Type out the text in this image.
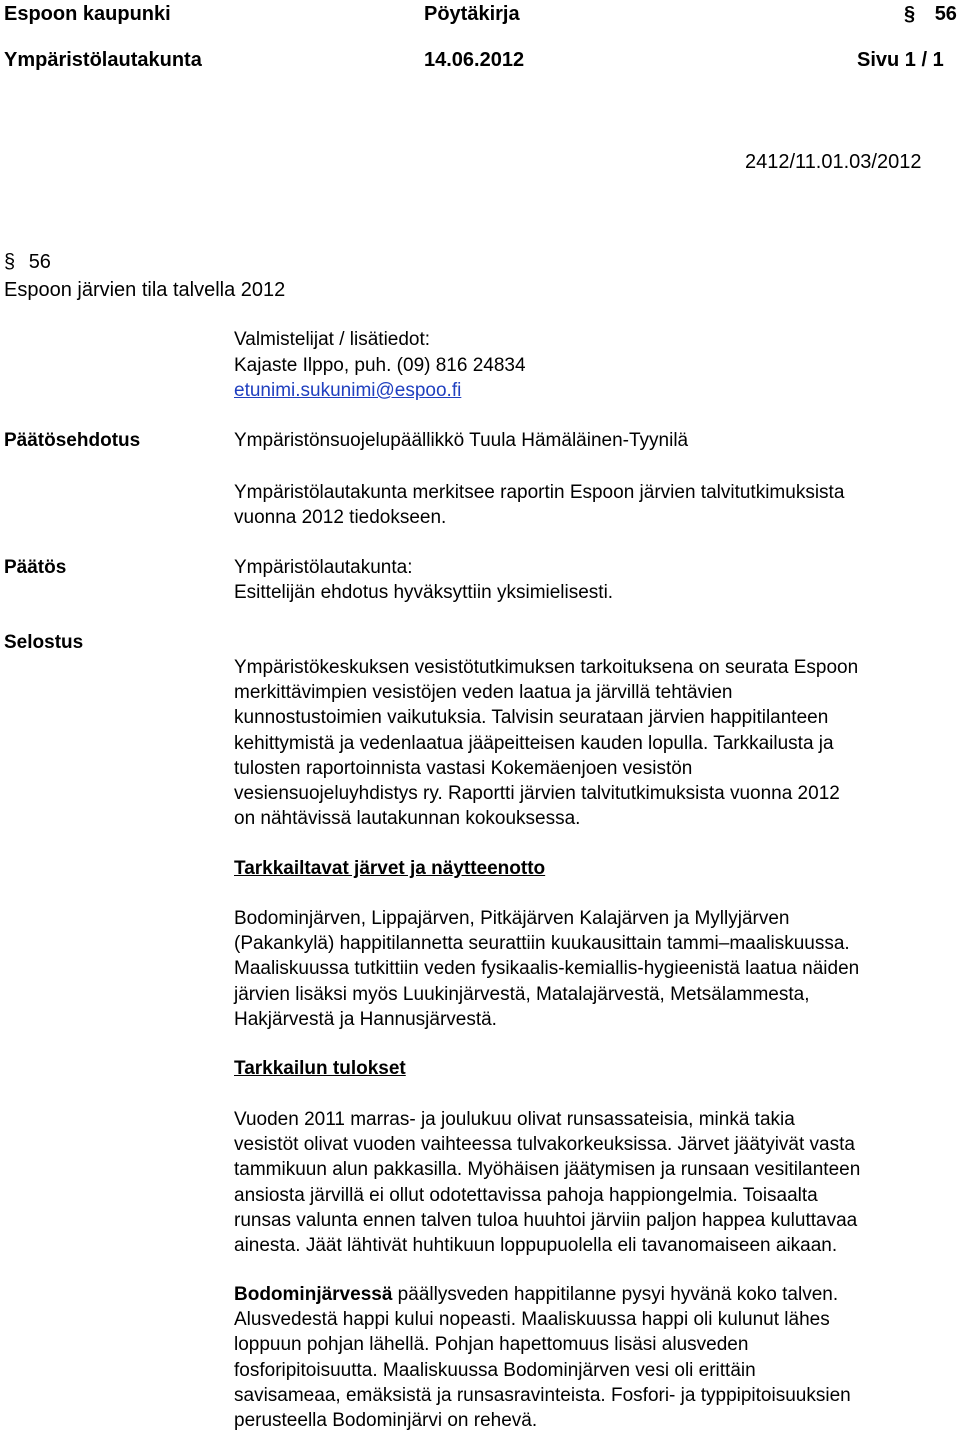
Espoon kaupunki	Pöytäkirja	§ 56
Ympäristölautakunta	14.06.2012	Sivu 1 / 1
2412/11.01.03/2012
§ 56
Espoon järvien tila talvella 2012
Valmistelijat / lisätiedot:
Kajaste Ilppo, puh. (09) 816 24834
etunimi.sukunimi@espoo.fi
Päätösehdotus	Ympäristönsuojelupäällikkö Tuula Hämäläinen-Tyynilä
Ympäristölautakunta merkitsee raportin Espoon järvien talvitutkimuksista
vuonna 2012 tiedokseen.
Päätös	Ympäristölautakunta:
Esittelijän ehdotus hyväksyttiin yksimielisesti.
Selostus
Ympäristökeskuksen vesistötutkimuksen tarkoituksena on seurata Espoon
merkittävimpien vesistöjen veden laatua ja järvillä tehtävien
kunnostustoimien vaikutuksia. Talvisin seurataan järvien happitilanteen
kehittymistä ja vedenlaatua jääpeitteisen kauden lopulla. Tarkkailusta ja
tulosten raportoinnista vastasi Kokemäenjoen vesistön
vesiensuojeluyhdistys ry. Raportti järvien talvitutkimuksista vuonna 2012
on nähtävissä lautakunnan kokouksessa.
Tarkkailtavat järvet ja näytteenotto
Bodominjärven, Lippajärven, Pitkäjärven Kalajärven ja Myllyjärven
(Pakankylä) happitilannetta seurattiin kuukausittain tammi–maaliskuussa.
Maaliskuussa tutkittiin veden fysikaalis-kemiallis-hygieenistä laatua näiden
järvien lisäksi myös Luukinjärvestä, Matalajärvestä, Metsälammesta,
Hakjärvestä ja Hannusjärvestä.
Tarkkailun tulokset
Vuoden 2011 marras- ja joulukuu olivat runsassateisia, minkä takia
vesistöt olivat vuoden vaihteessa tulvakorkeuksissa. Järvet jäätyivät vasta
tammikuun alun pakkasilla. Myöhäisen jäätymisen ja runsaan vesitilanteen
ansiosta järvillä ei ollut odotettavissa pahoja happiongelmia. Toisaalta
runsas valunta ennen talven tuloa huuhtoi järviin paljon happea kuluttavaa
ainesta. Jäät lähtivät huhtikuun loppupuolella eli tavanomaiseen aikaan.
Bodominjärvessä päällysveden happitilanne pysyi hyvänä koko talven.
Alusvedestä happi kului nopeasti. Maaliskuussa happi oli kulunut lähes
loppuun pohjan lähellä. Pohjan hapettomuus lisäsi alusveden
fosforipitoisuutta. Maaliskuussa Bodominjärven vesi oli erittäin
savisameaa, emäksistä ja runsasravinteista. Fosfori- ja typpipitoisuuksien
perusteella Bodominjärvi on rehevä.
